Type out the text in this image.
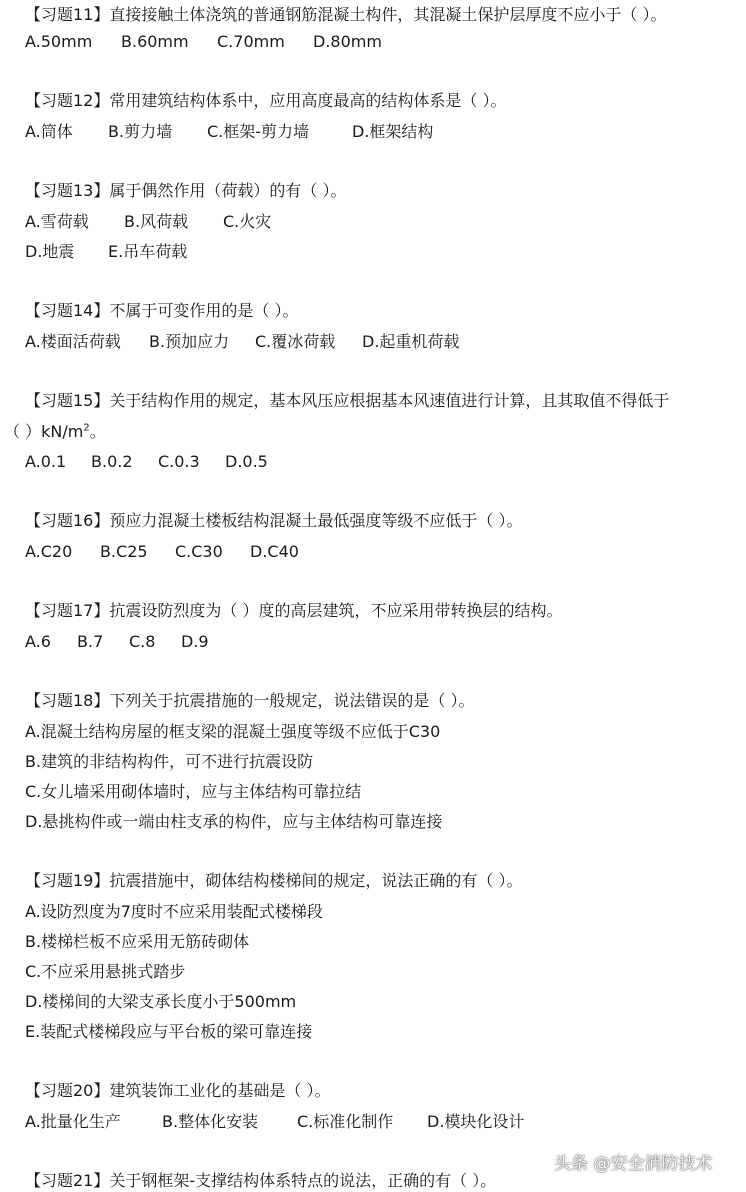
【习题11】直接接触土体浇筑的普通钢筋混凝土构件，其混凝土保护层厚度不应小于（ ）。
A.50mm B.60mm C.70mm D.80mm
【习题12】常用建筑结构体系中，应用高度最高的结构体系是（ ）。
A.筒体 B.剪力墙 C.框架-剪力墙	D.框架结构
【习题13】属于偶然作用（荷载）的有（ ）。
A.雪荷载 B.风荷载 C.火灾
D.地震 E.吊车荷载
【习题14】不属于可变作用的是（ ）。
A.楼面活荷载 B.预加应力 C.覆冰荷载 D.起重机荷载
【习题15】关于结构作用的规定，基本风压应根据基本风速值进行计算，且其取值不得低于
（ ）$kN/m^2$。
A.0.1 B.0.2 C.0.3 D.0.5
【习题16】预应力混凝土楼板结构混凝土最低强度等级不应低于（ ）。
A.C20 B.C25 C.C30 D.C40
【习题17】抗震设防烈度为（ ）度的高层建筑，不应采用带转换层的结构。
A.6 B.7 C.8 D.9
【习题18】下列关于抗震措施的一般规定，说法错误的是（ ）。
A.混凝土结构房屋的框支梁的混凝土强度等级不应低于C30
B.建筑的非结构构件，可不进行抗震设防
C.女儿墙采用砌体墙时，应与主体结构可靠拉结
D.悬挑构件或一端由柱支承的构件，应与主体结构可靠连接
【习题19】抗震措施中，砌体结构楼梯间的规定，说法正确的有（ ）。
A.设防烈度为7度时不应采用装配式楼梯段
B.楼梯栏板不应采用无筋砖砌体
C.不应采用悬挑式踏步
D.楼梯间的大梁支承长度小于500mm
E.装配式楼梯段应与平台板的梁可靠连接
【习题20】建筑装饰工业化的基础是（ ）。
A.批量化生产	B.整体化安装 C.标准化制作 D.模块化设计
【习题21】关于钢框架-支撑结构体系特点的说法，正确的有（ ）。
头条 @安全消防技术
